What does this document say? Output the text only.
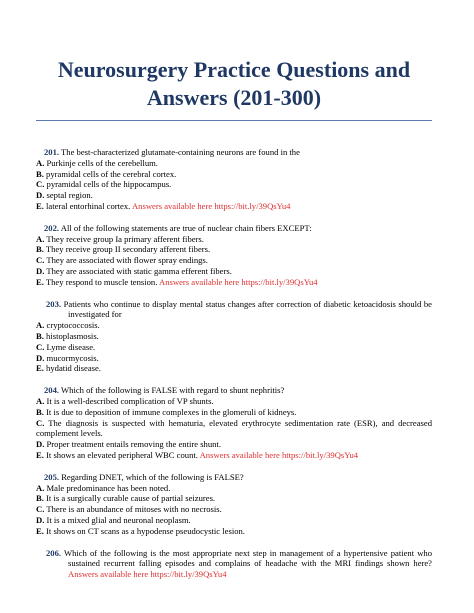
Neurosurgery Practice Questions and
Answers (201-300)

201. The best-characterized glutamate-containing neurons are found in the

A. Purkinje cells of the cerebellum.

B. pyramidal cells of the cerebral cortex.

C. pyramidal cells of the hippocampus.

D. septal region.

E. lateral entorhinal cortex. Answers available here https://bit.ly/39QsYu4

202. All of the following statements are true of nuclear chain fibers EXCEPT:

A. They receive group Ia primary afferent fibers.

B. They receive group II secondary afferent fibers.

C. They are associated with flower spray endings.

D. They are associated with static gamma efferent fibers.

E. They respond to muscle tension. Answers available here https://bit.ly/39QsYu4

203. Patients who continue to display mental status changes after correction of diabetic ketoacidosis should be investigated for

A. cryptococcosis.

B. histoplasmosis.

C. Lyme disease.

D. mucormycosis.

E. hydatid disease.

204. Which of the following is FALSE with regard to shunt nephritis?

A. It is a well-described complication of VP shunts.

B. It is due to deposition of immune complexes in the glomeruli of kidneys.

C. The diagnosis is suspected with hematuria, elevated erythrocyte sedimentation rate (ESR), and decreased complement levels.

D. Proper treatment entails removing the entire shunt.

E. It shows an elevated peripheral WBC count. Answers available here https://bit.ly/39QsYu4

205. Regarding DNET, which of the following is FALSE?

A. Male predominance has been noted.

B. It is a surgically curable cause of partial seizures.

C. There is an abundance of mitoses with no necrosis.

D. It is a mixed glial and neuronal neoplasm.

E. It shows on CT scans as a hypodense pseudocystic lesion.

206. Which of the following is the most appropriate next step in management of a hypertensive patient who sustained recurrent falling episodes and complains of headache with the MRI findings shown here? Answers available here https://bit.ly/39QsYu4
